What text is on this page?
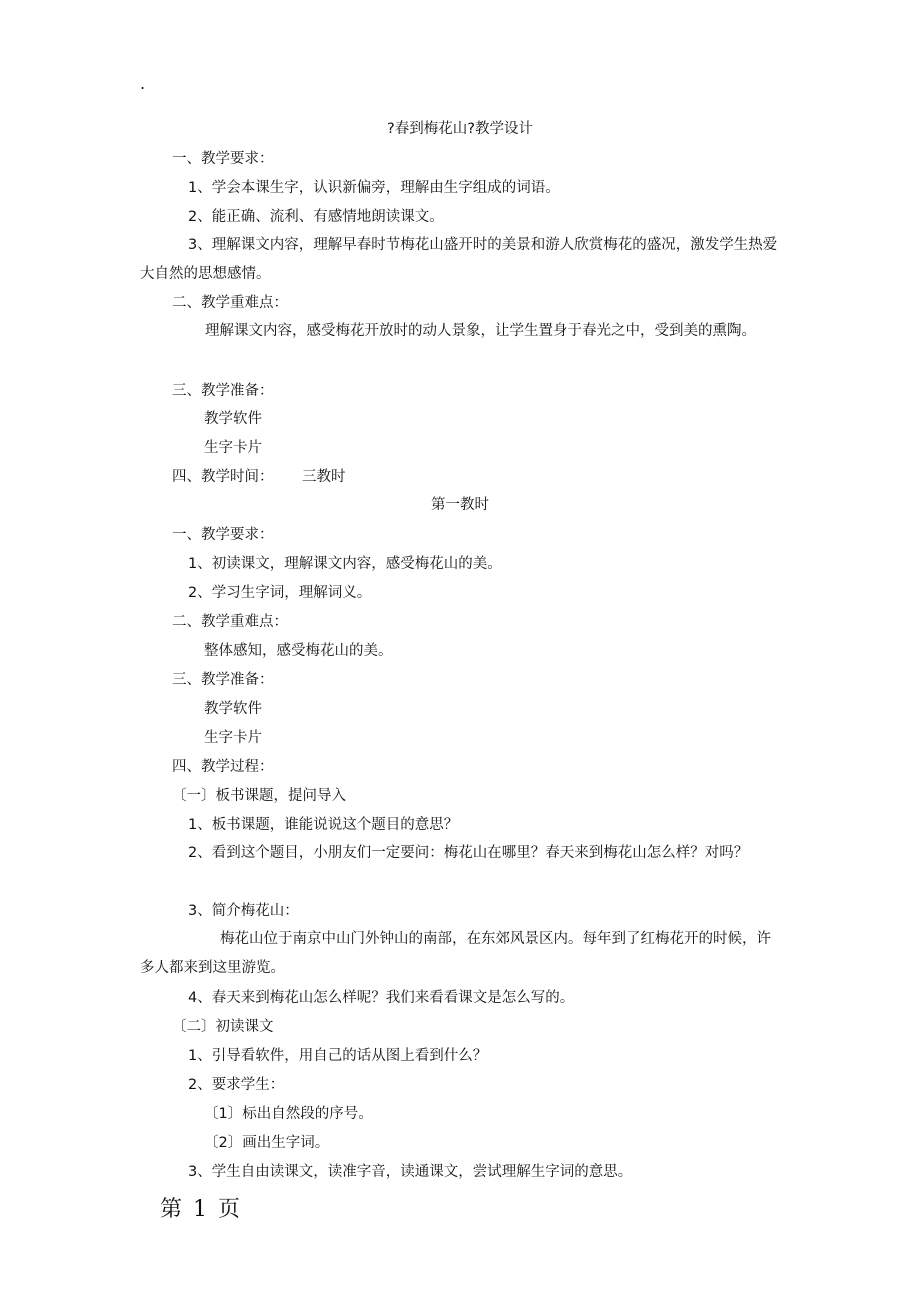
.
?春到梅花山?教学设计
一、教学要求：
1、学会本课生字，认识新偏旁，理解由生字组成的词语。
2、能正确、流利、有感情地朗读课文。
3、理解课文内容，理解早春时节梅花山盛开时的美景和游人欣赏梅花的盛况，激发学生热爱大自然的思想感情。
二、教学重难点：
理解课文内容，感受梅花开放时的动人景象，让学生置身于春光之中，受到美的熏陶。
三、教学准备：
教学软件
生字卡片
四、教学时间： 三教时
第一教时
一、教学要求：
1、初读课文，理解课文内容，感受梅花山的美。
2、学习生字词，理解词义。
二、教学重难点：
整体感知，感受梅花山的美。
三、教学准备：
教学软件
生字卡片
四、教学过程：
〔一〕板书课题，提问导入
1、板书课题，谁能说说这个题目的意思？
2、看到这个题目，小朋友们一定要问：梅花山在哪里？春天来到梅花山怎么样？对吗？
3、简介梅花山：
梅花山位于南京中山门外钟山的南部，在东郊风景区内。每年到了红梅花开的时候，许多人都来到这里游览。
4、春天来到梅花山怎么样呢？我们来看看课文是怎么写的。
〔二〕初读课文
1、引导看软件，用自己的话从图上看到什么？
2、要求学生：
〔1〕标出自然段的序号。
〔2〕画出生字词。
3、学生自由读课文，读准字音，读通课文，尝试理解生字词的意思。
第 1 页
